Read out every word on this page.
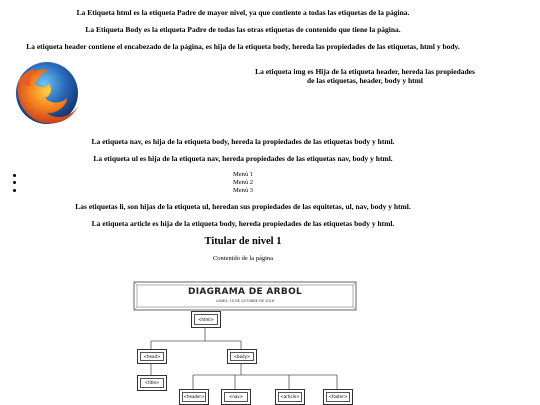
La Etiqueta html es la etiqueta Padre de mayor nivel, ya que contiente a todas las etiquetas de la página.

La Etiqueta Body es la etiqueta Padre de todas las otras etiquetas de contenido que tiene la página.

La etiqueta header contiene el encabezado de la página, es hija de la etiqueta body, hereda las propiedades de las etiquetas, html y body.

La etiqueta img es Hija de la etiqueta header, hereda las propiedades
de las etiquetas, header, body y html

La etiqueta nav, es hija de la etiqueta body, hereda la propiedades de las etiquetas body y html.

La etiqueta ul es hija de la etiqueta nav, hereda propiedades de las etiquetas nav, body y html.

Menú 1
Menú 2
Menú 3

Las etiquetas li, son hijas de la etiqueta ul, heredan sus propiedades de las equitetas, ul, nav, body y html.

La etiqueta article es hija de la etiqueta body, hereda propiedades de las etiquetas body y html.

Titular de nivel 1
Contenido de la página
DIAGRAMA DE ARBOL
LUNES, 10 DE OCTUBRE DE 2016
<html>
<head>	<body>
<title>
<header>	<nav>	<article>	<footer>
